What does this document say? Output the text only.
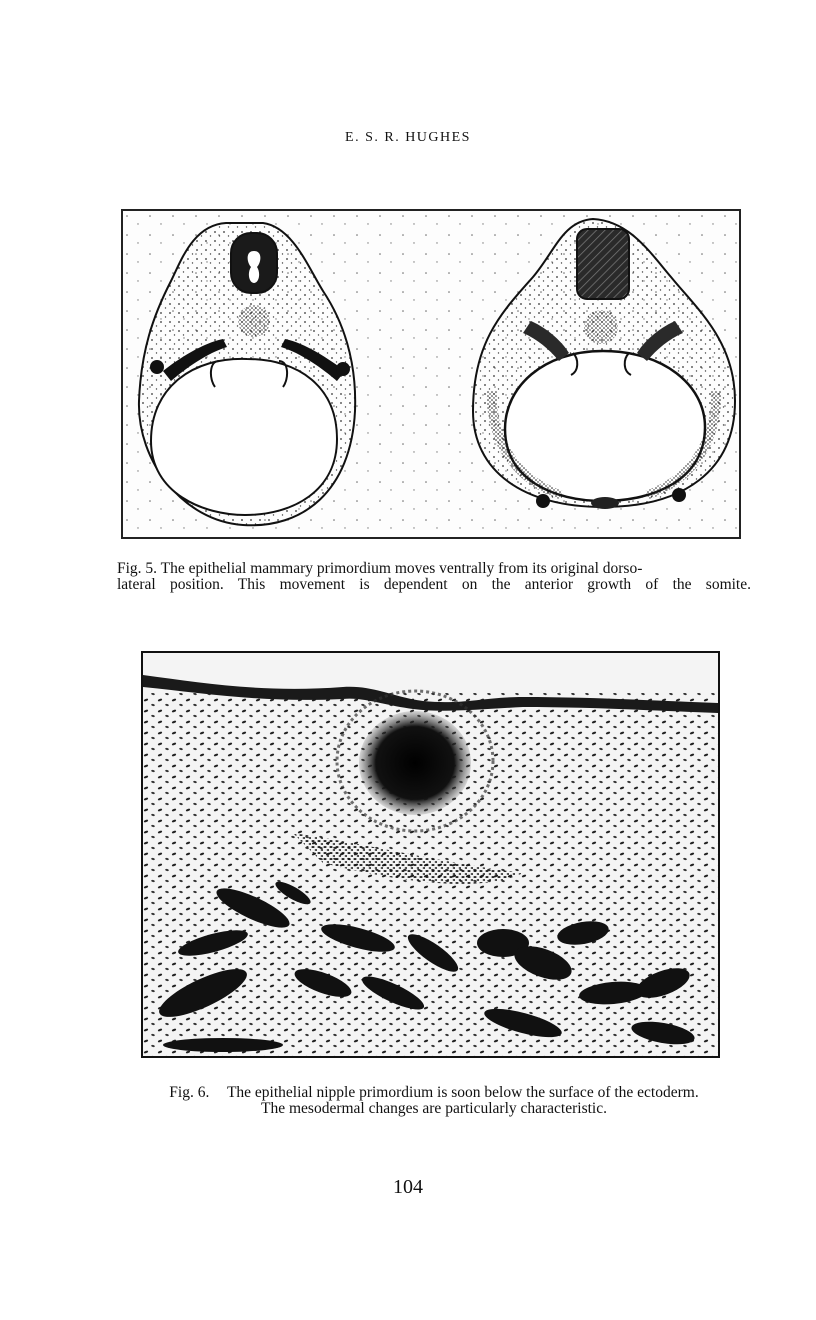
E. S. R. HUGHES
Fig. 5. The epithelial mammary primordium moves ventrally from its original dorso-
lateral position. This movement is dependent on the anterior growth of the somite.
Fig. 6. The epithelial nipple primordium is soon below the surface of the ectoderm.
The mesodermal changes are particularly characteristic.
104
